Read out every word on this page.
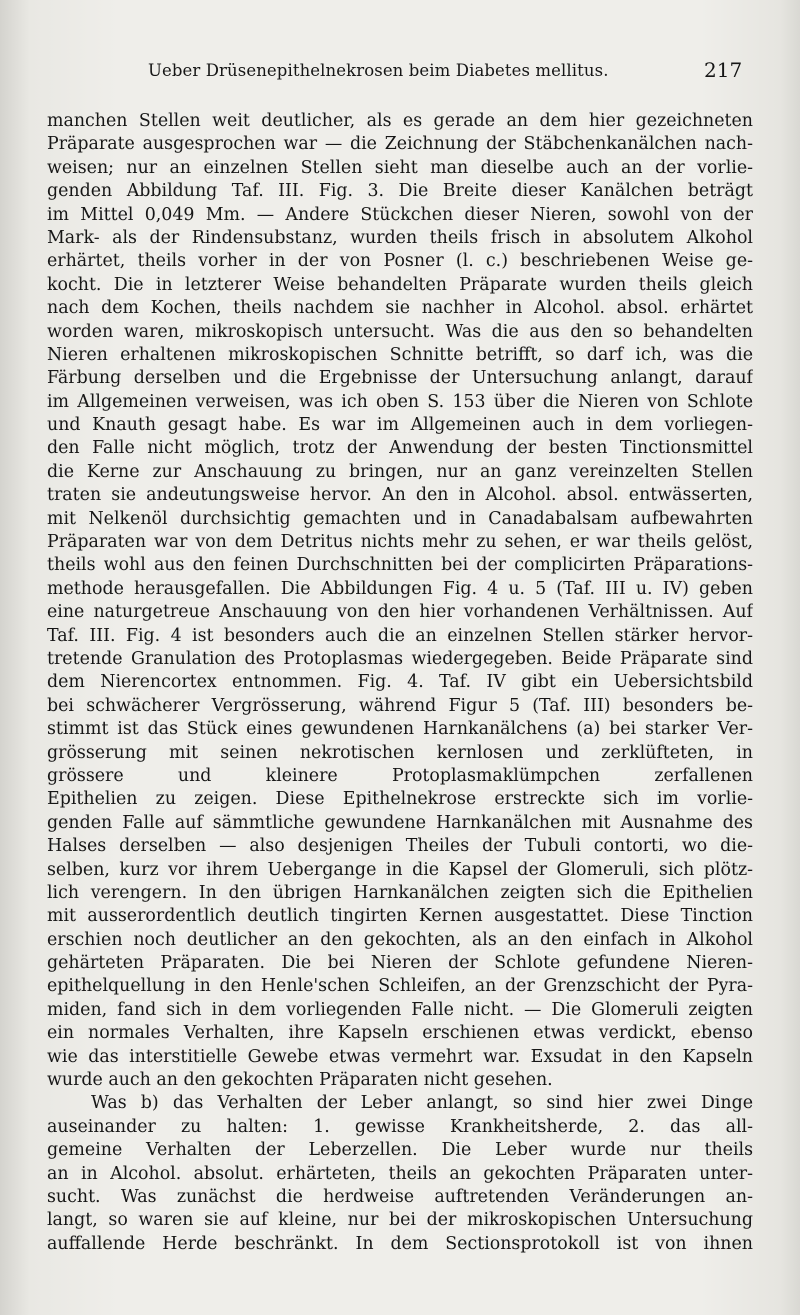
Ueber Drüsenepithelnekrosen beim Diabetes mellitus.	217
manchen Stellen weit deutlicher, als es gerade an dem hier gezeichneten
Präparate ausgesprochen war — die Zeichnung der Stäbchenkanälchen nach-
weisen; nur an einzelnen Stellen sieht man dieselbe auch an der vorlie-
genden Abbildung Taf. III. Fig. 3. Die Breite dieser Kanälchen beträgt
im Mittel 0,049 Mm. — Andere Stückchen dieser Nieren, sowohl von der
Mark- als der Rindensubstanz, wurden theils frisch in absolutem Alkohol
erhärtet, theils vorher in der von Posner (l. c.) beschriebenen Weise ge-
kocht. Die in letzterer Weise behandelten Präparate wurden theils gleich
nach dem Kochen, theils nachdem sie nachher in Alcohol. absol. erhärtet
worden waren, mikroskopisch untersucht. Was die aus den so behandelten
Nieren erhaltenen mikroskopischen Schnitte betrifft, so darf ich, was die
Färbung derselben und die Ergebnisse der Untersuchung anlangt, darauf
im Allgemeinen verweisen, was ich oben S. 153 über die Nieren von Schlote
und Knauth gesagt habe. Es war im Allgemeinen auch in dem vorliegen-
den Falle nicht möglich, trotz der Anwendung der besten Tinctionsmittel
die Kerne zur Anschauung zu bringen, nur an ganz vereinzelten Stellen
traten sie andeutungsweise hervor. An den in Alcohol. absol. entwässerten,
mit Nelkenöl durchsichtig gemachten und in Canadabalsam aufbewahrten
Präparaten war von dem Detritus nichts mehr zu sehen, er war theils gelöst,
theils wohl aus den feinen Durchschnitten bei der complicirten Präparations-
methode herausgefallen. Die Abbildungen Fig. 4 u. 5 (Taf. III u. IV) geben
eine naturgetreue Anschauung von den hier vorhandenen Verhältnissen. Auf
Taf. III. Fig. 4 ist besonders auch die an einzelnen Stellen stärker hervor-
tretende Granulation des Protoplasmas wiedergegeben. Beide Präparate sind
dem Nierencortex entnommen. Fig. 4. Taf. IV gibt ein Uebersichtsbild
bei schwächerer Vergrösserung, während Figur 5 (Taf. III) besonders be-
stimmt ist das Stück eines gewundenen Harnkanälchens (a) bei starker Ver-
grösserung mit seinen nekrotischen kernlosen und zerklüfteten, in
grössere und kleinere Protoplasmaklümpchen zerfallenen
Epithelien zu zeigen. Diese Epithelnekrose erstreckte sich im vorlie-
genden Falle auf sämmtliche gewundene Harnkanälchen mit Ausnahme des
Halses derselben — also desjenigen Theiles der Tubuli contorti, wo die-
selben, kurz vor ihrem Uebergange in die Kapsel der Glomeruli, sich plötz-
lich verengern. In den übrigen Harnkanälchen zeigten sich die Epithelien
mit ausserordentlich deutlich tingirten Kernen ausgestattet. Diese Tinction
erschien noch deutlicher an den gekochten, als an den einfach in Alkohol
gehärteten Präparaten. Die bei Nieren der Schlote gefundene Nieren-
epithelquellung in den Henle'schen Schleifen, an der Grenzschicht der Pyra-
miden, fand sich in dem vorliegenden Falle nicht. — Die Glomeruli zeigten
ein normales Verhalten, ihre Kapseln erschienen etwas verdickt, ebenso
wie das interstitielle Gewebe etwas vermehrt war. Exsudat in den Kapseln
wurde auch an den gekochten Präparaten nicht gesehen.
Was b) das Verhalten der Leber anlangt, so sind hier zwei Dinge
auseinander zu halten: 1. gewisse Krankheitsherde, 2. das all-
gemeine Verhalten der Leberzellen. Die Leber wurde nur theils
an in Alcohol. absolut. erhärteten, theils an gekochten Präparaten unter-
sucht. Was zunächst die herdweise auftretenden Veränderungen an-
langt, so waren sie auf kleine, nur bei der mikroskopischen Untersuchung
auffallende Herde beschränkt. In dem Sectionsprotokoll ist von ihnen
